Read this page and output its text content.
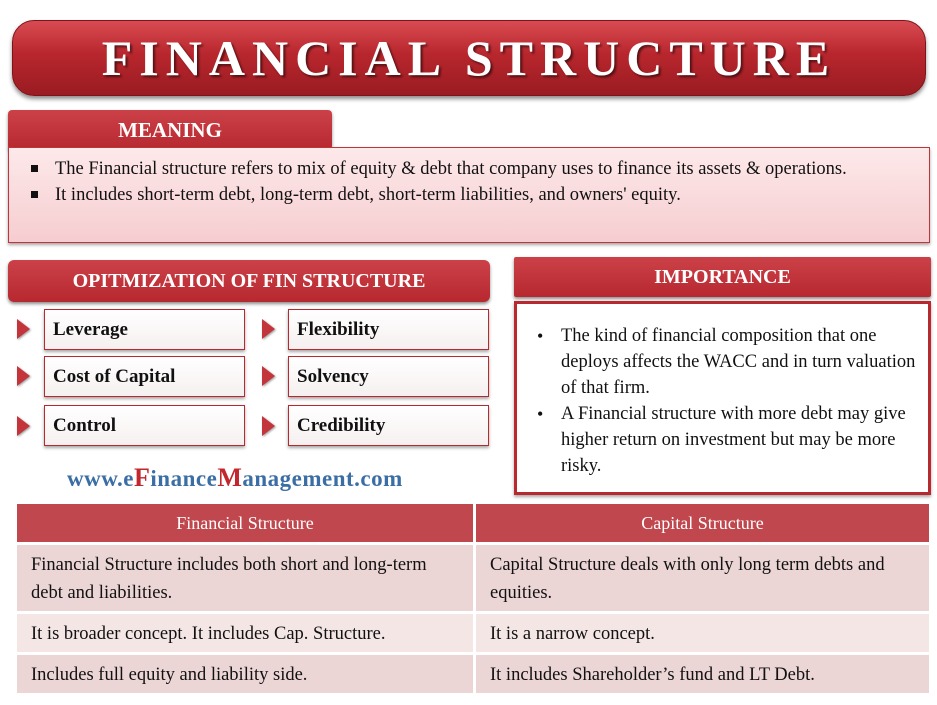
FINANCIAL STRUCTURE
MEANING
The Financial structure refers to mix of equity & debt that company uses to finance its assets & operations.
It includes short-term debt, long-term debt, short-term liabilities, and owners' equity.
OPITMIZATION OF FIN STRUCTURE
Leverage
Cost of Capital
Control
Flexibility
Solvency
Credibility
www.eFinanceManagement.com
IMPORTANCE
• The kind of financial composition that one deploys affects the WACC and in turn valuation of that firm.
• A Financial structure with more debt may give higher return on investment but may be more risky.
Financial Structure	Capital Structure
Financial Structure includes both short and long-term debt and liabilities.	Capital Structure deals with only long term debts and equities.
It is broader concept. It includes Cap. Structure.	It is a narrow concept.
Includes full equity and liability side.	It includes Shareholder’s fund and LT Debt.
